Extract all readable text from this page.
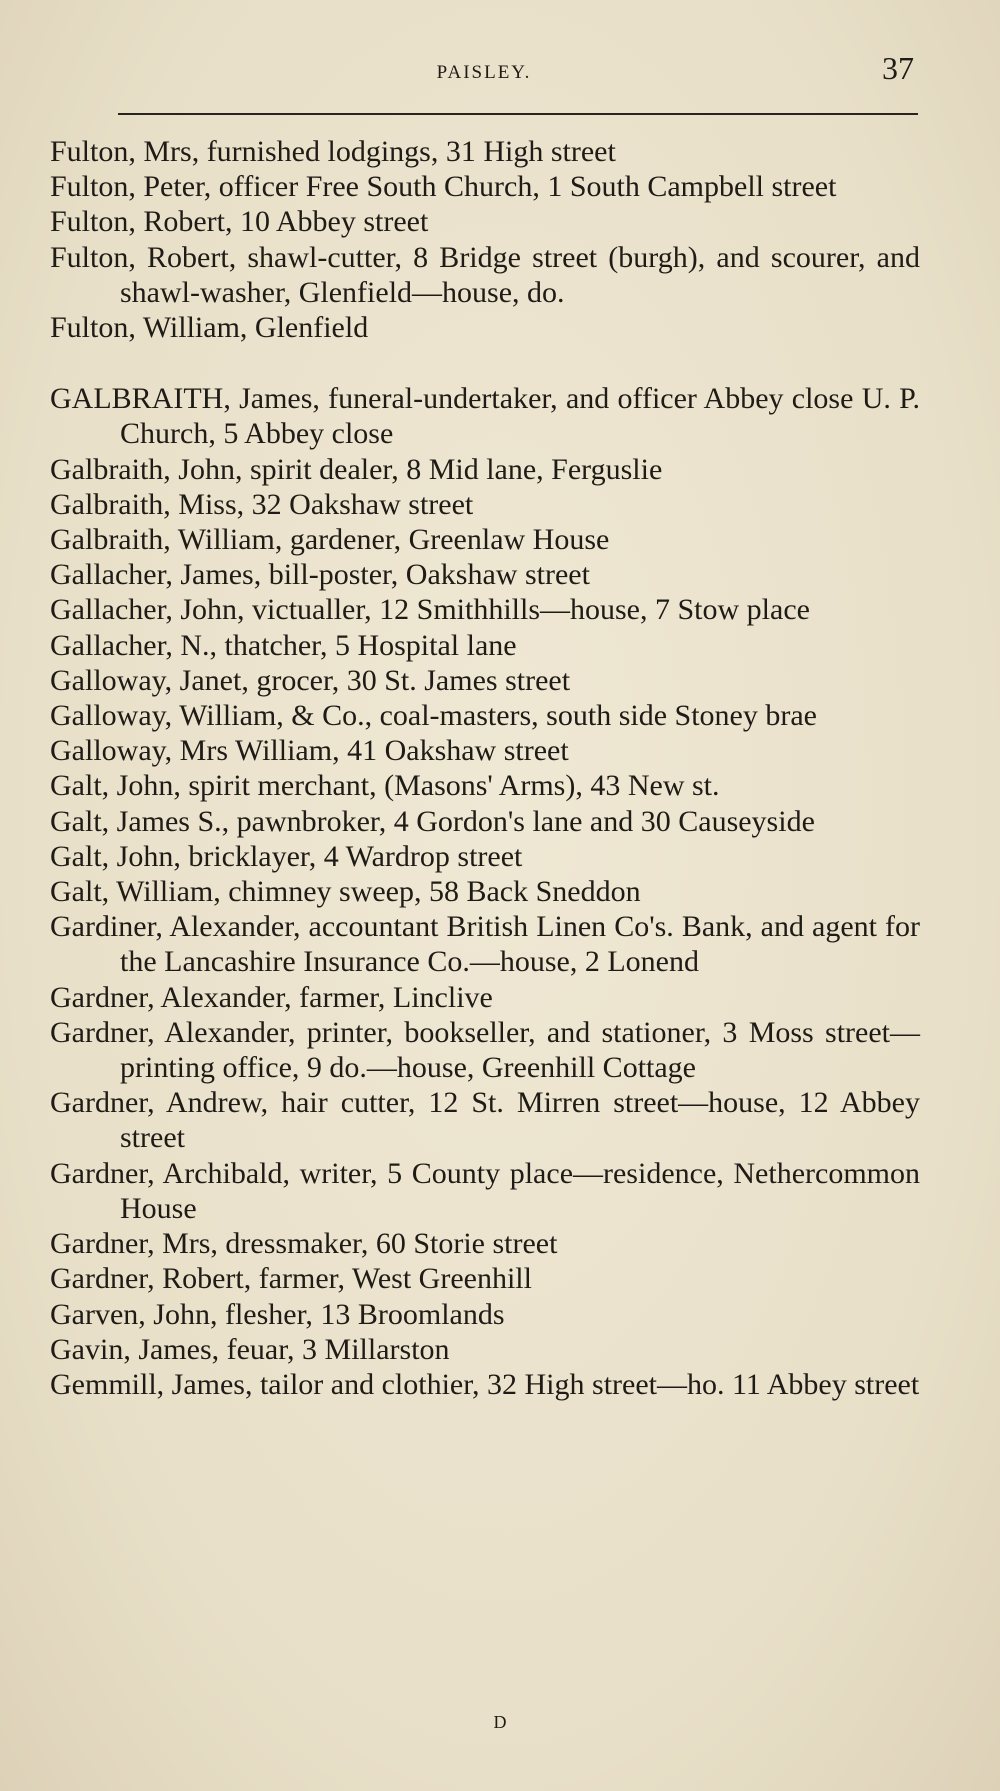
PAISLEY.	37
Fulton, Mrs, furnished lodgings, 31 High street
Fulton, Peter, officer Free South Church, 1 South Campbell street
Fulton, Robert, 10 Abbey street
Fulton, Robert, shawl-cutter, 8 Bridge street (burgh), and scourer, and shawl-washer, Glenfield—house, do.
Fulton, William, Glenfield
GALBRAITH, James, funeral-undertaker, and officer Abbey close U. P. Church, 5 Abbey close
Galbraith, John, spirit dealer, 8 Mid lane, Ferguslie
Galbraith, Miss, 32 Oakshaw street
Galbraith, William, gardener, Greenlaw House
Gallacher, James, bill-poster, Oakshaw street
Gallacher, John, victualler, 12 Smithhills—house, 7 Stow place
Gallacher, N., thatcher, 5 Hospital lane
Galloway, Janet, grocer, 30 St. James street
Galloway, William, & Co., coal-masters, south side Stoney brae
Galloway, Mrs William, 41 Oakshaw street
Galt, John, spirit merchant, (Masons' Arms), 43 New st.
Galt, James S., pawnbroker, 4 Gordon's lane and 30 Causeyside
Galt, John, bricklayer, 4 Wardrop street
Galt, William, chimney sweep, 58 Back Sneddon
Gardiner, Alexander, accountant British Linen Co's. Bank, and agent for the Lancashire Insurance Co.—house, 2 Lonend
Gardner, Alexander, farmer, Linclive
Gardner, Alexander, printer, bookseller, and stationer, 3 Moss street—printing office, 9 do.—house, Greenhill Cottage
Gardner, Andrew, hair cutter, 12 St. Mirren street—house, 12 Abbey street
Gardner, Archibald, writer, 5 County place—residence, Nethercommon House
Gardner, Mrs, dressmaker, 60 Storie street
Gardner, Robert, farmer, West Greenhill
Garven, John, flesher, 13 Broomlands
Gavin, James, feuar, 3 Millarston
Gemmill, James, tailor and clothier, 32 High street—ho. 11 Abbey street
D
